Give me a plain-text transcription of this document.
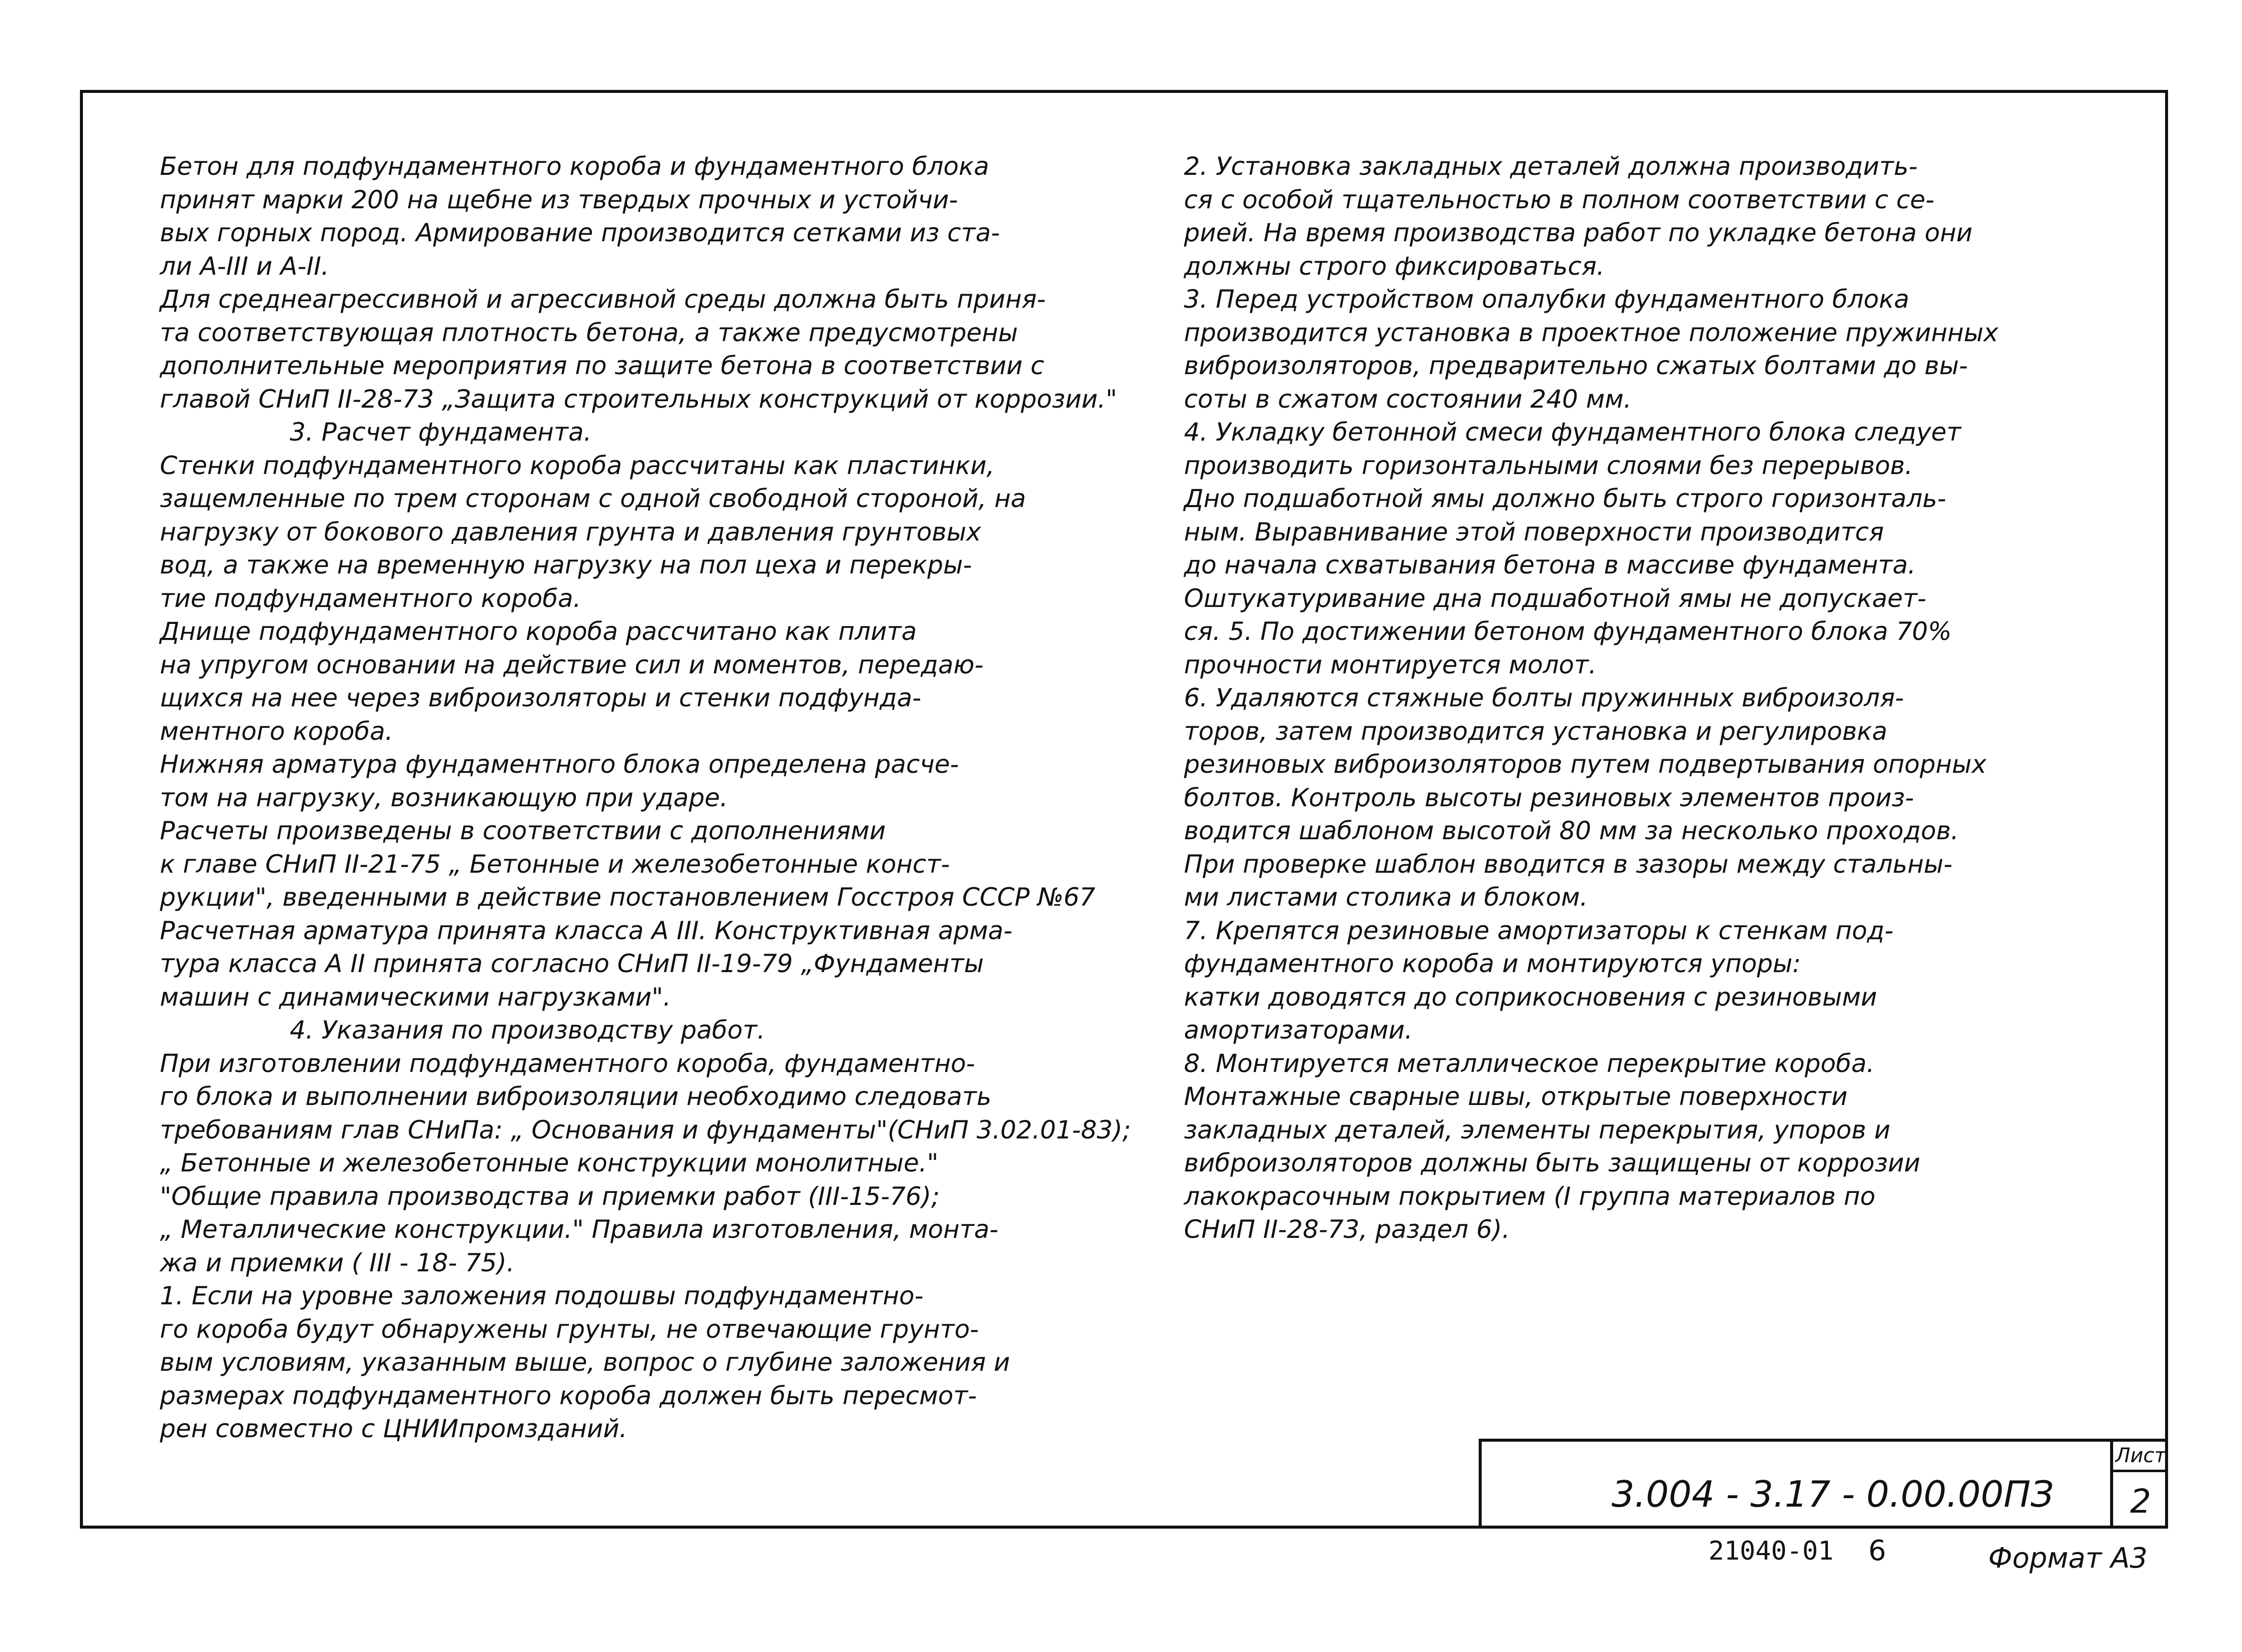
Бетон для подфундаментного короба и фундаментного блока
принят марки 200 на щебне из твердых прочных и устойчи-
вых горных пород. Армирование производится сетками из ста-
ли А-III и А-II.
Для среднеагрессивной и агрессивной среды должна быть приня-
та соответствующая плотность бетона, а также предусмотрены
дополнительные мероприятия по защите бетона в соответствии с
главой СНиП II-28-73 „Защита строительных конструкций от коррозии."
3. Расчет фундамента.
Стенки подфундаментного короба рассчитаны как пластинки,
защемленные по трем сторонам с одной свободной стороной, на
нагрузку от бокового давления грунта и давления грунтовых
вод, а также на временную нагрузку на пол цеха и перекры-
тие подфундаментного короба.
Днище подфундаментного короба рассчитано как плита
на упругом основании на действие сил и моментов, передаю-
щихся на нее через виброизоляторы и стенки подфунда-
ментного короба.
Нижняя арматура фундаментного блока определена расче-
том на нагрузку, возникающую при ударе.
Расчеты произведены в соответствии с дополнениями
к главе СНиП II-21-75 „ Бетонные и железобетонные конст-
рукции", введенными в действие постановлением Госстроя СССР №67
Расчетная арматура принята класса А III. Конструктивная арма-
тура класса А II принята согласно СНиП II-19-79 „Фундаменты
машин с динамическими нагрузками".
4. Указания по производству работ.
При изготовлении подфундаментного короба, фундаментно-
го блока и выполнении виброизоляции необходимо следовать
требованиям глав СНиПа: „ Основания и фундаменты"(СНиП 3.02.01-83);
„ Бетонные и железобетонные конструкции монолитные."
"Общие правила производства и приемки работ (III-15-76);
„ Металлические конструкции." Правила изготовления, монта-
жа и приемки ( III - 18- 75).
1. Если на уровне заложения подошвы подфундаментно-
го короба будут обнаружены грунты, не отвечающие грунто-
вым условиям, указанным выше, вопрос о глубине заложения и
размерах подфундаментного короба должен быть пересмот-
рен совместно с ЦНИИпромзданий.
2. Установка закладных деталей должна производить-
ся с особой тщательностью в полном соответствии с се-
рией. На время производства работ по укладке бетона они
должны строго фиксироваться.
3. Перед устройством опалубки фундаментного блока
производится установка в проектное положение пружинных
виброизоляторов, предварительно сжатых болтами до вы-
соты в сжатом состоянии 240 мм.
4. Укладку бетонной смеси фундаментного блока следует
производить горизонтальными слоями без перерывов.
Дно подшаботной ямы должно быть строго горизонталь-
ным. Выравнивание этой поверхности производится
до начала схватывания бетона в массиве фундамента.
Оштукатуривание дна подшаботной ямы не допускает-
ся. 5. По достижении бетоном фундаментного блока 70%
прочности монтируется молот.
6. Удаляются стяжные болты пружинных виброизоля-
торов, затем производится установка и регулировка
резиновых виброизоляторов путем подвертывания опорных
болтов. Контроль высоты резиновых элементов произ-
водится шаблоном высотой 80 мм за несколько проходов.
При проверке шаблон вводится в зазоры между стальны-
ми листами столика и блоком.
7. Крепятся резиновые амортизаторы к стенкам под-
фундаментного короба и монтируются упоры:
катки доводятся до соприкосновения с резиновыми
амортизаторами.
8. Монтируется металлическое перекрытие короба.
Монтажные сварные швы, открытые поверхности
закладных деталей, элементы перекрытия, упоров и
виброизоляторов должны быть защищены от коррозии
лакокрасочным покрытием (I группа материалов по
СНиП II-28-73, раздел 6).
3.004 - 3.17 - 0.00.00ПЗ
Лист
2
21040-01 6	Формат А3
